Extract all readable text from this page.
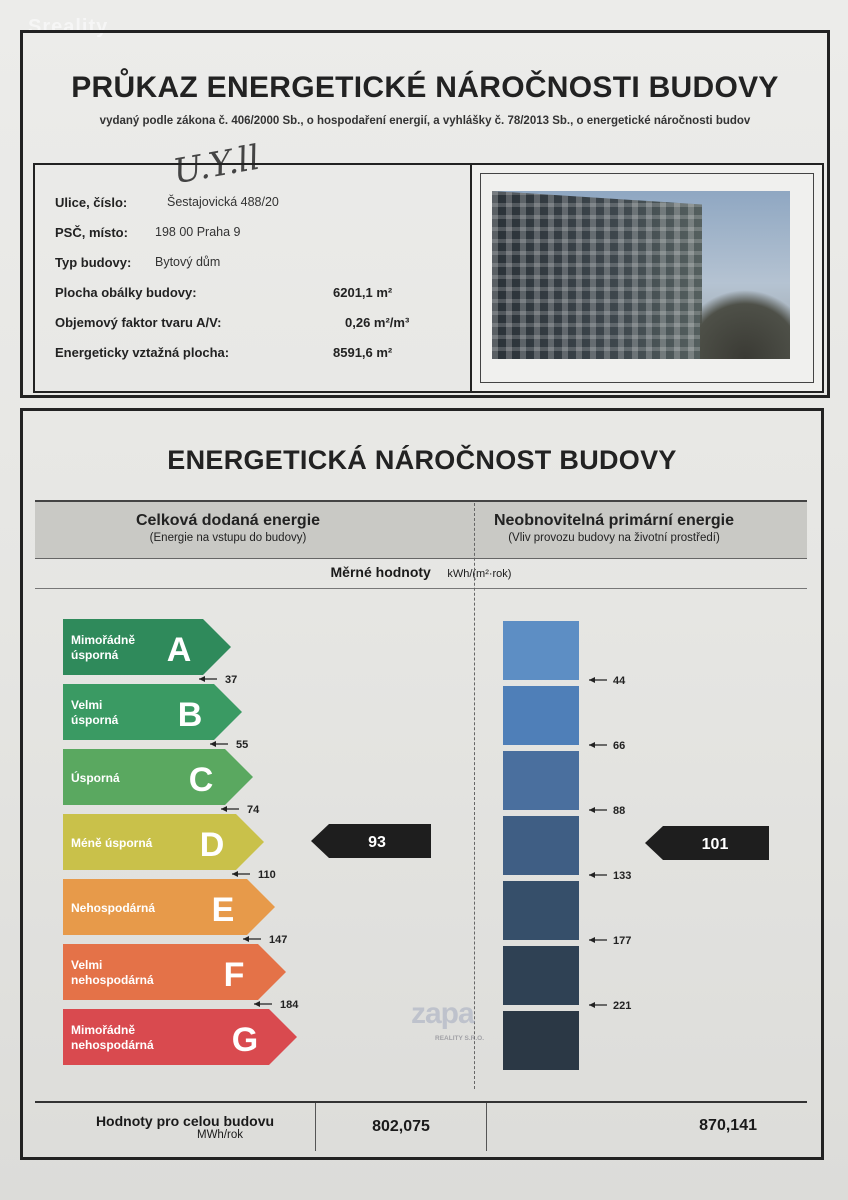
Sreality
PRŮKAZ ENERGETICKÉ NÁROČNOSTI BUDOVY
vydaný podle zákona č. 406/2000 Sb., o hospodaření energií, a vyhlášky č. 78/2013 Sb., o energetické náročnosti budov
U.Y.ll
Ulice, číslo:	Šestajovická 488/20
PSČ, místo: 198 00 Praha 9
Typ budovy: Bytový dům
Plocha obálky budovy:	6201,1 m²
Objemový faktor tvaru A/V:	0,26 m²/m³
Energeticky vztažná plocha:	8591,6 m²
ENERGETICKÁ NÁROČNOST BUDOVY
Celková dodaná energie
(Energie na vstupu do budovy)
Neobnovitelná primární energie
(Vliv provozu budovy na životní prostředí)
Měrné hodnoty kWh/(m²·rok)
zapa
REALITY S.R.O.
Mimořádně
úsporná A
37	44
Velmi
úsporná B
55	66
Úsporná C
74	88
Méně úsporná D
110	133
Nehospodárná E
147	177
Velmi
nehospodárná F
184	221
Mimořádně
nehospodárná G
93	101
Hodnoty pro celou budovu
MWh/rok	802,075	870,141
